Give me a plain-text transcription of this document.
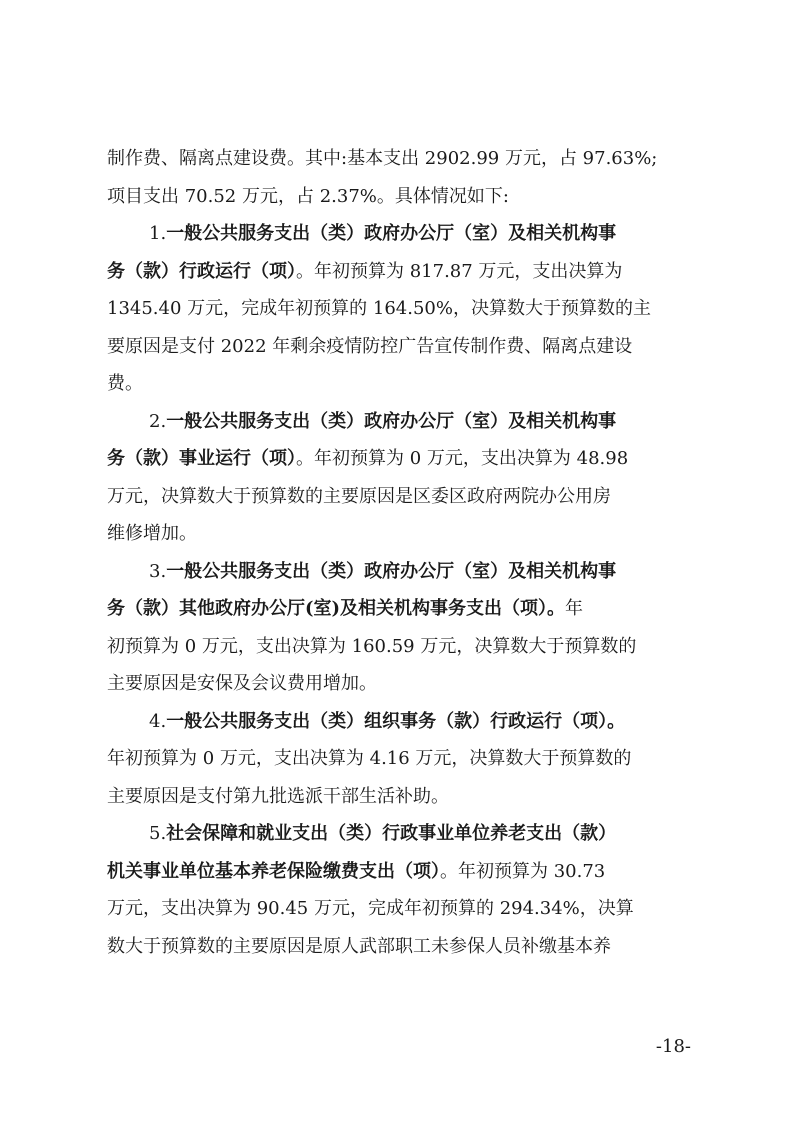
制作费、隔离点建设费。其中:基本支出 2902.99 万元，占 97.63%;
项目支出 70.52 万元，占 2.37%。具体情况如下:
1.一般公共服务支出（类）政府办公厅（室）及相关机构事
务（款）行政运行（项）。年初预算为 817.87 万元，支出决算为
1345.40 万元，完成年初预算的 164.50%，决算数大于预算数的主
要原因是支付 2022 年剩余疫情防控广告宣传制作费、隔离点建设
费。
2.一般公共服务支出（类）政府办公厅（室）及相关机构事
务（款）事业运行（项）。年初预算为 0 万元，支出决算为 48.98
万元，决算数大于预算数的主要原因是区委区政府两院办公用房
维修增加。
3.一般公共服务支出（类）政府办公厅（室）及相关机构事
务（款）其他政府办公厅(室)及相关机构事务支出（项）。年
初预算为 0 万元，支出决算为 160.59 万元，决算数大于预算数的
主要原因是安保及会议费用增加。
4.一般公共服务支出（类）组织事务（款）行政运行（项）。
年初预算为 0 万元，支出决算为 4.16 万元，决算数大于预算数的
主要原因是支付第九批选派干部生活补助。
5.社会保障和就业支出（类）行政事业单位养老支出（款）
机关事业单位基本养老保险缴费支出（项）。年初预算为 30.73
万元，支出决算为 90.45 万元，完成年初预算的 294.34%，决算
数大于预算数的主要原因是原人武部职工未参保人员补缴基本养
-18-
